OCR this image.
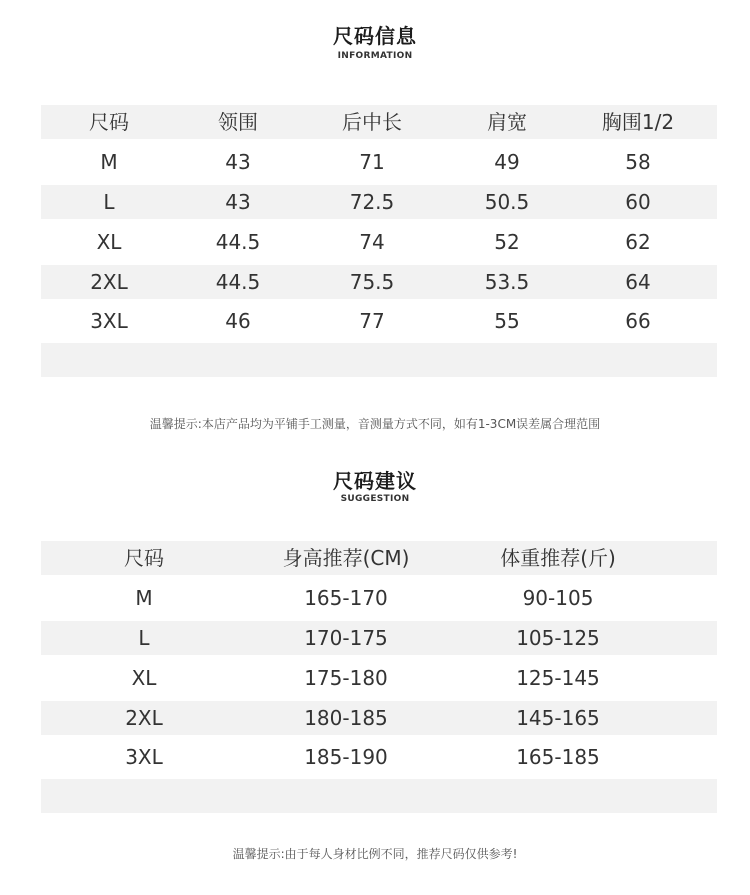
尺码信息
INFORMATION
尺码	领围	后中长	肩宽	胸围1/2
M	43	71	49	58
L	43	72.5	50.5	60
XL	44.5	74	52	62
2XL	44.5	75.5	53.5	64
3XL	46	77	55	66
温馨提示:本店产品均为平铺手工测量，音测量方式不同，如有1-3CM误差属合理范围
尺码建议
SUGGESTION
尺码	身高推荐(CM)	体重推荐(斤)
M	165-170	90-105
L	170-175	105-125
XL	175-180	125-145
2XL	180-185	145-165
3XL	185-190	165-185
温馨提示:由于每人身材比例不同，推荐尺码仅供参考!
